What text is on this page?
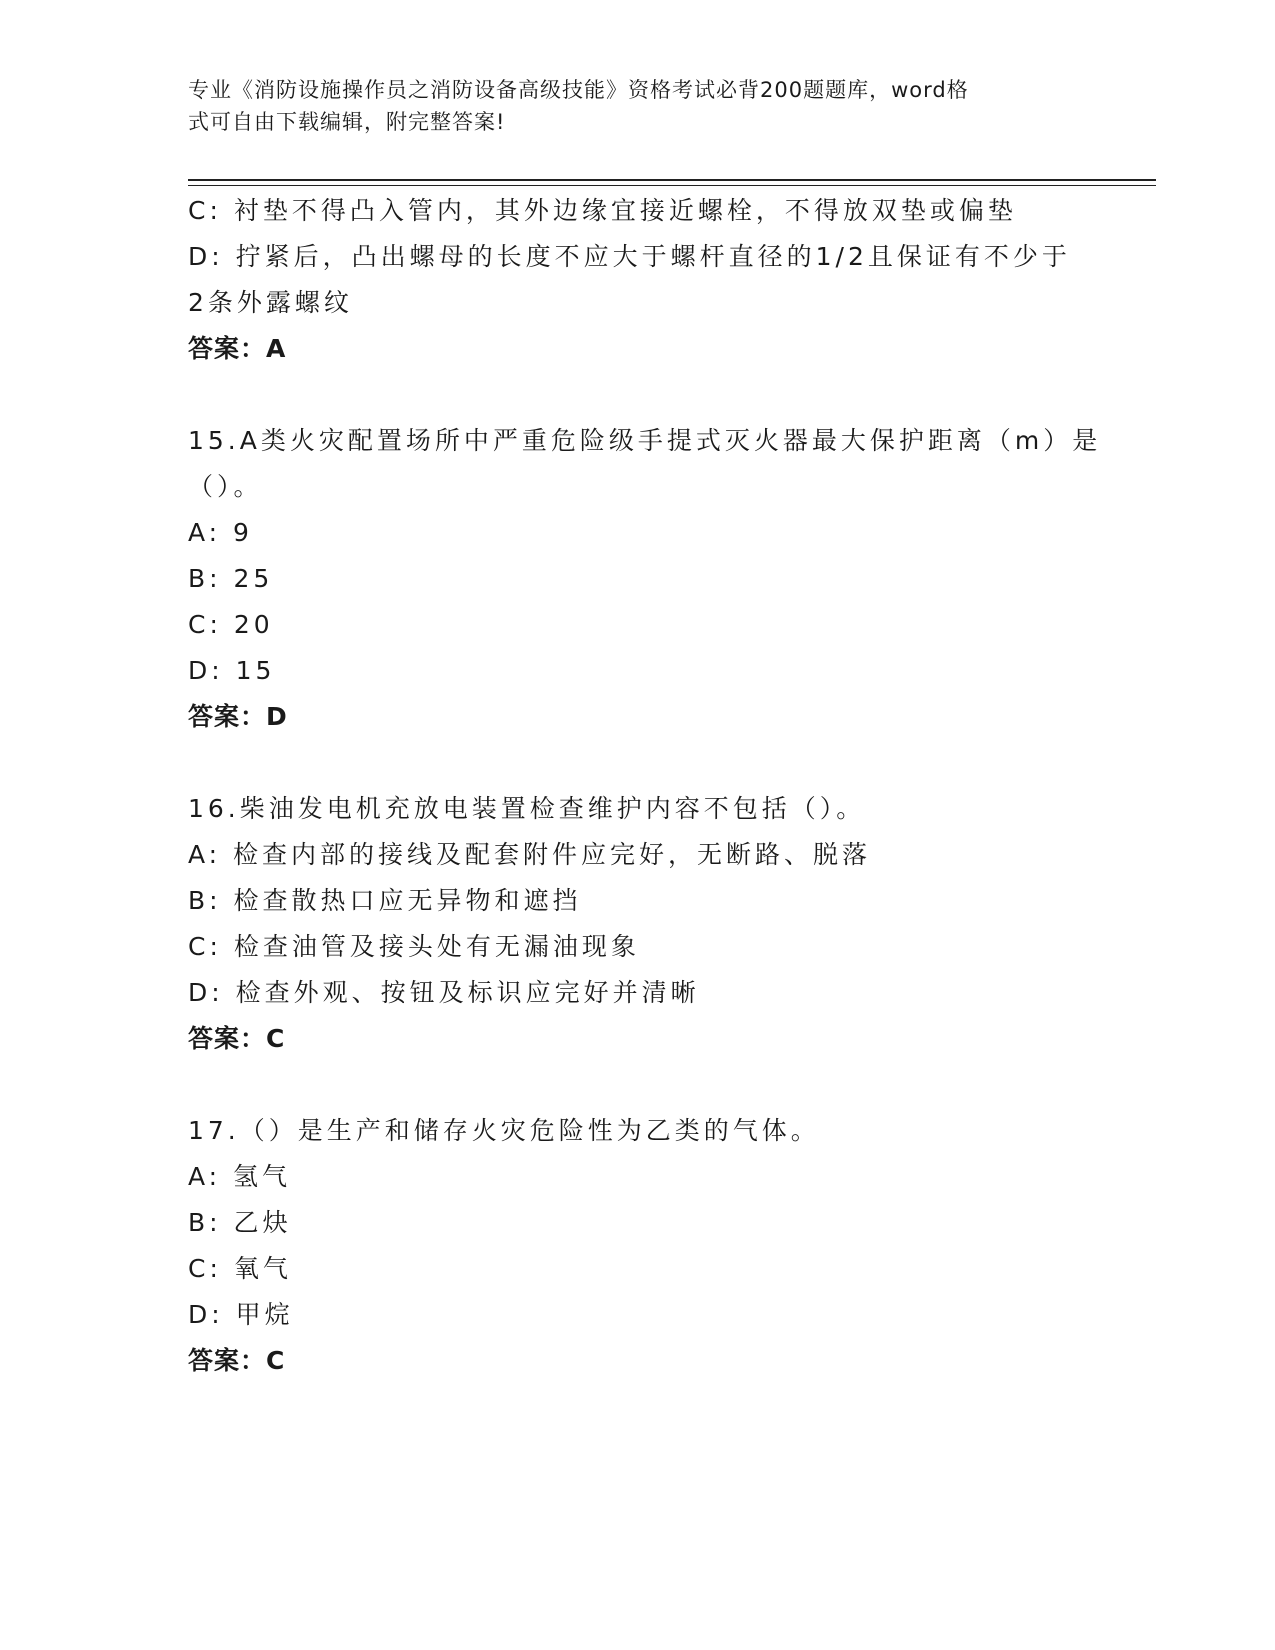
专业《消防设施操作员之消防设备高级技能》资格考试必背200题题库，word格
式可自由下载编辑，附完整答案!
C: 衬垫不得凸入管内，其外边缘宜接近螺栓，不得放双垫或偏垫
D: 拧紧后，凸出螺母的长度不应大于螺杆直径的1/2且保证有不少于
2条外露螺纹
答案：A
15.A类火灾配置场所中严重危险级手提式灭火器最大保护距离（m）是
（）。
A: 9
B: 25
C: 20
D: 15
答案：D
16.柴油发电机充放电装置检查维护内容不包括（）。
A: 检查内部的接线及配套附件应完好，无断路、脱落
B: 检查散热口应无异物和遮挡
C: 检查油管及接头处有无漏油现象
D: 检查外观、按钮及标识应完好并清晰
答案：C
17.（）是生产和储存火灾危险性为乙类的气体。
A: 氢气
B: 乙炔
C: 氧气
D: 甲烷
答案：C
